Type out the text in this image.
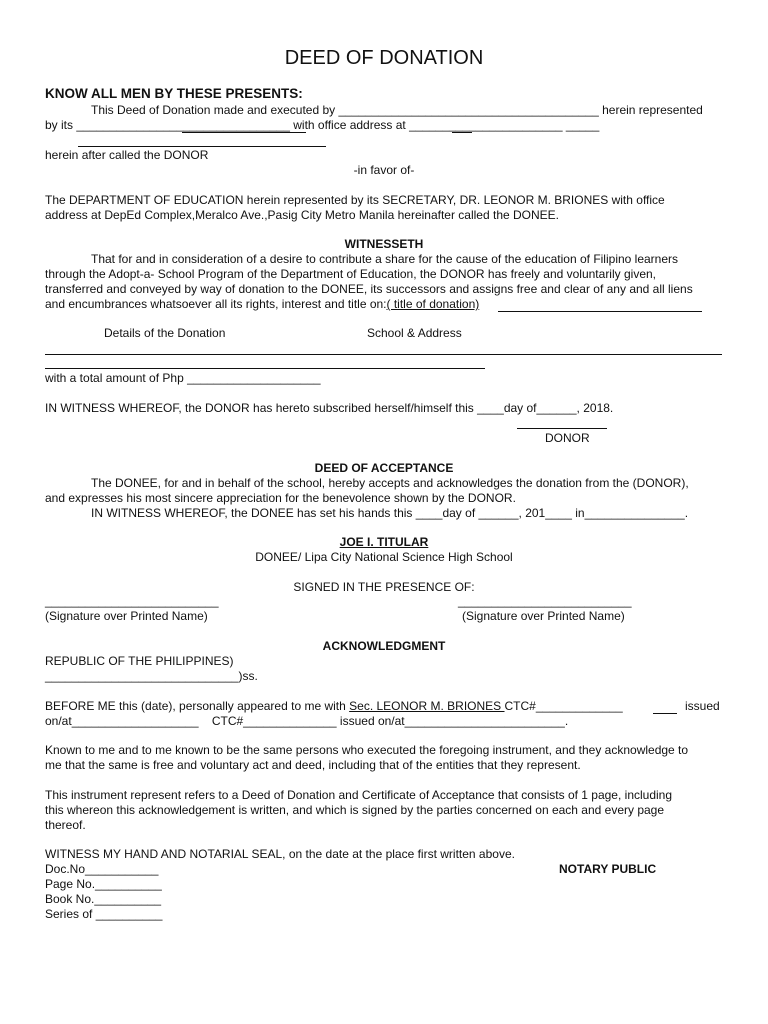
DEED OF DONATION
KNOW ALL MEN BY THESE PRESENTS:
This Deed of Donation made and executed by _______________________________________ herein represented
by its ________________________________ with office address at _______________________ _____
herein after called the DONOR
-in favor of-
The DEPARTMENT OF EDUCATION herein represented by its SECRETARY, DR. LEONOR M. BRIONES with office
address at DepEd Complex,Meralco Ave.,Pasig City Metro Manila hereinafter called the DONEE.
WITNESSETH
That for and in consideration of a desire to contribute a share for the cause of the education of Filipino learners
through the Adopt-a- School Program of the Department of Education, the DONOR has freely and voluntarily given,
transferred and conveyed by way of donation to the DONEE, its successors and assigns free and clear of any and all liens
and encumbrances whatsoever all its rights, interest and title on:( title of donation)
Details of the Donation	School & Address
with a total amount of Php ____________________
IN WITNESS WHEREOF, the DONOR has hereto subscribed herself/himself this ____day of______, 2018.
DONOR
DEED OF ACCEPTANCE
The DONEE, for and in behalf of the school, hereby accepts and acknowledges the donation from the (DONOR),
and expresses his most sincere appreciation for the benevolence shown by the DONOR.
IN WITNESS WHEREOF, the DONEE has set his hands this ____day of ______, 201____ in_______________.
JOE I. TITULAR
DONEE/ Lipa City National Science High School
SIGNED IN THE PRESENCE OF:
__________________________	__________________________
(Signature over Printed Name)	(Signature over Printed Name)
ACKNOWLEDGMENT
REPUBLIC OF THE PHILIPPINES)
_____________________________)ss.
BEFORE ME this (date), personally appeared to me with Sec. LEONOR M. BRIONES CTC#_____________	issued
on/at___________________    CTC#______________ issued on/at________________________.
Known to me and to me known to be the same persons who executed the foregoing instrument, and they acknowledge to
me that the same is free and voluntary act and deed, including that of the entities that they represent.
This instrument represent refers to a Deed of Donation and Certificate of Acceptance that consists of 1 page, including
this whereon this acknowledgement is written, and which is signed by the parties concerned on each and every page
thereof.
WITNESS MY HAND AND NOTARIAL SEAL, on the date at the place first written above.
Doc.No___________	NOTARY PUBLIC
Page No.__________
Book No.__________
Series of __________
